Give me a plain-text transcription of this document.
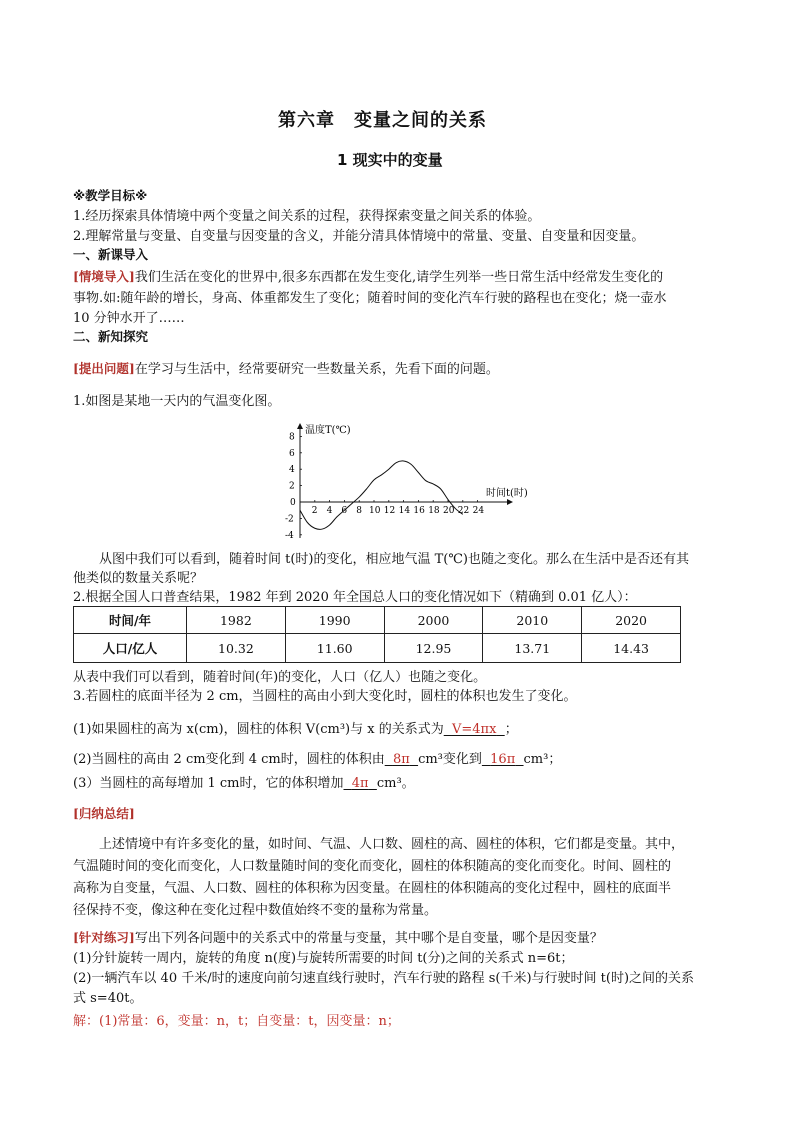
第六章　变量之间的关系
1 现实中的变量
※教学目标※
1.经历探索具体情境中两个变量之间关系的过程，获得探索变量之间关系的体验。
2.理解常量与变量、自变量与因变量的含义，并能分清具体情境中的常量、变量、自变量和因变量。
一、新课导入
[情境导入]我们生活在变化的世界中,很多东西都在发生变化,请学生列举一些日常生活中经常发生变化的
事物.如:随年龄的增长，身高、体重都发生了变化；随着时间的变化汽车行驶的路程也在变化；烧一壶水
10 分钟水开了……
二、新知探究
[提出问题]在学习与生活中，经常要研究一些数量关系，先看下面的问题。
1.如图是某地一天内的气温变化图。
温度T(℃)
时间t(时)
0
2 4 6 8 10 12 14 16 18 20 22 24
8
6
4
2
-2
-4
从图中我们可以看到，随着时间 t(时)的变化，相应地气温 T(℃)也随之变化。那么在生活中是否还有其
他类似的数量关系呢？
2.根据全国人口普查结果，1982 年到 2020 年全国总人口的变化情况如下（精确到 0.01 亿人）：
时间/年	1982	1990	2000	2010	2020
人口/亿人	10.32	11.60	12.95	13.71	14.43
从表中我们可以看到，随着时间(年)的变化，人口（亿人）也随之变化。
3.若圆柱的底面半径为 2 cm，当圆柱的高由小到大变化时，圆柱的体积也发生了变化。
(1)如果圆柱的高为 x(cm)，圆柱的体积 V(cm³)与 x 的关系式为 V=4πx ；
(2)当圆柱的高由 2 cm变化到 4 cm时，圆柱的体积由 8π cm³变化到 16π cm³；
(3）当圆柱的高每增加 1 cm时，它的体积增加 4π cm³。
[归纳总结]
上述情境中有许多变化的量，如时间、气温、人口数、圆柱的高、圆柱的体积，它们都是变量。其中，
气温随时间的变化而变化，人口数量随时间的变化而变化，圆柱的体积随高的变化而变化。时间、圆柱的
高称为自变量，气温、人口数、圆柱的体积称为因变量。在圆柱的体积随高的变化过程中，圆柱的底面半
径保持不变，像这种在变化过程中数值始终不变的量称为常量。
[针对练习]写出下列各问题中的关系式中的常量与变量，其中哪个是自变量，哪个是因变量？
(1)分针旋转一周内，旋转的角度 n(度)与旋转所需要的时间 t(分)之间的关系式 n=6t；
(2)一辆汽车以 40 千米/时的速度向前匀速直线行驶时，汽车行驶的路程 s(千米)与行驶时间 t(时)之间的关系
式 s=40t。
解：(1)常量：6，变量：n，t；自变量：t，因变量：n；
